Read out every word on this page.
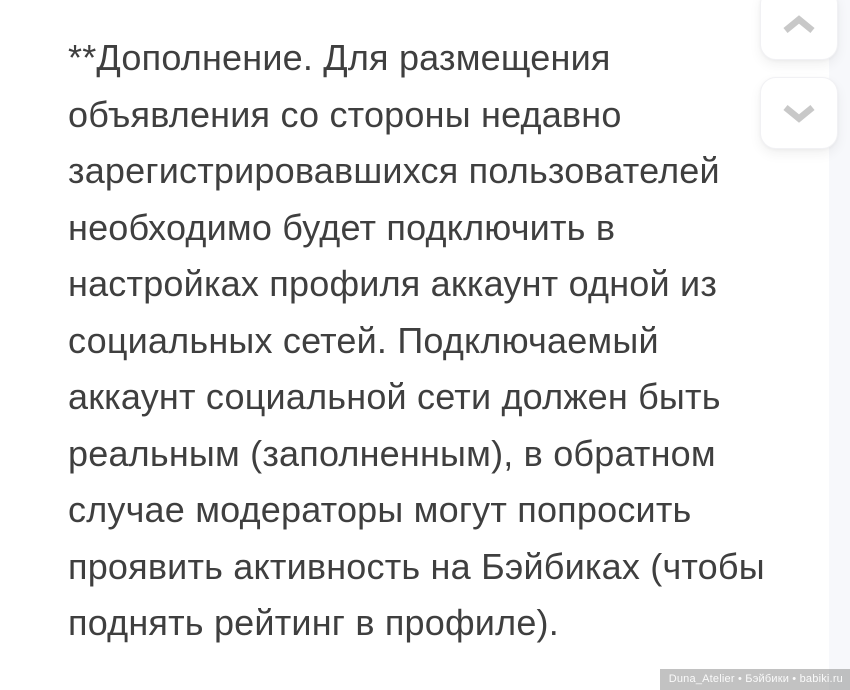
**Дополнение. Для размещения
объявления со стороны недавно
зарегистрировавшихся пользователей
необходимо будет подключить в
настройках профиля аккаунт одной из
социальных сетей. Подключаемый
аккаунт социальной сети должен быть
реальным (заполненным), в обратном
случае модераторы могут попросить
проявить активность на Бэйбиках (чтобы
поднять рейтинг в профиле).
Duna_Atelier • Бэйбики • babiki.ru
